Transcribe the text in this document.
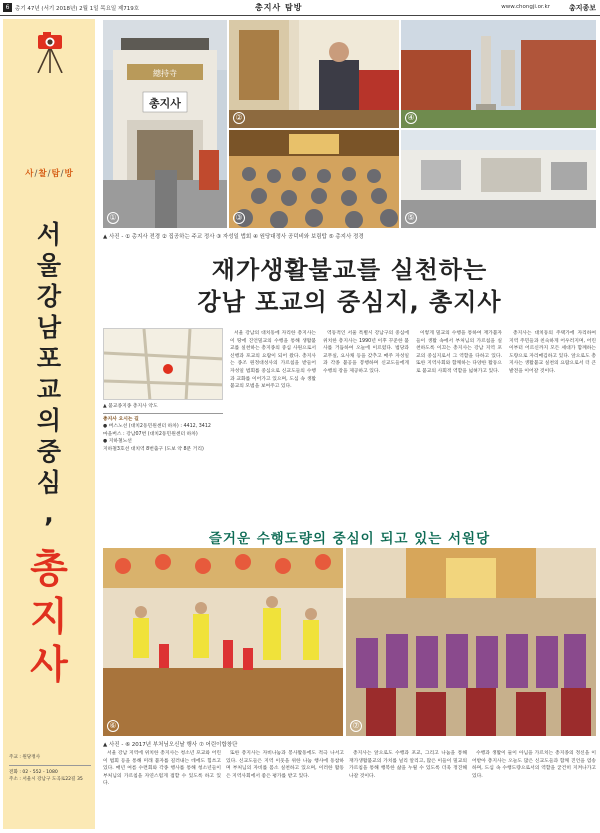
6	총기 47년 (서기 2018년) 2월 1일 목요일 제719호	총지사 탐방	www.chongji.or.kr	총지종보
사/찰/탐/방
서
울
강
남
포
교
의
중
심
,
총
지
사
주교 : 원당정사
전화 : 02 - 552 - 1080
주소 : 서울시 강남구 도곡로22길 35
總持寺
총지사
①
②
③
④
⑤
▲ 사진 - ① 총지사 전경 ② 집공하는 주교 정사 ③ 자성일 법회 ④ 원당대정사 공덕비와 보림탑 ⑤ 총지사 정경
재가생활불교를 실천하는
강남 포교의 중심지, 총지사
▲ 불교종지종 총지사 약도
총지사 오시는 길
● 버스노선 (대치2동민원센터 하차) : 4412, 3412
마을버스 : 강남07번 (대치2동민원센터 하차)
● 지하철노선
지하철3호선 대치역 8번출구 (도보 약 8분 거리)

서울 강남의 대치동에 자리한 총지사는 이 땅에 진언밀교의 수행을 통해 생활불교를 실천하는 총지종의 중심 사원으로서 신행과 포교의 요람이 되어 왔다. 총지사는 종조 원정대성사의 가르침을 받들어 자성일 법회를 중심으로 신교도들의 수행과 교화를 이어가고 있으며, 도심 속 생활불교의 모범을 보여주고 있다.

역동적인 서울 특별시 강남구의 중심에 위치한 총지사는 1990년 이후 꾸준한 불사를 거듭하여 오늘에 이르렀다. 법당과 교무실, 요사채 등을 갖추고 매주 자성일과 각종 불공을 봉행하며 신교도들에게 수행의 장을 제공하고 있다.

이렇게 밀교의 수행을 통하여 재가불자들이 생활 속에서 부처님의 가르침을 실천하도록 이끄는 총지사는 강남 지역 포교의 중심지로서 그 역할을 다하고 있다. 또한 지역사회와 함께하는 다양한 활동으로 불교의 사회적 역할을 넓혀가고 있다.

총지사는 대치동의 주택가에 자리하여 지역 주민들과 친숙하게 어우러지며, 어린이부터 어르신까지 모든 세대가 함께하는 도량으로 자리매김하고 있다. 앞으로도 총지사는 생활불교 실천의 요람으로서 더 큰 발전을 이어갈 것이다.

즐거운 수행도량의 중심이 되고 있는 서원당
⑥	⑦
▲ 사진 - ⑥ 2017년 부처님오신날 행사 ⑦ 어린이합창단

서울 강남 지역에 위치한 총지사는 청소년 포교와 어린이 법회 등을 통해 미래 불자를 길러내는 데에도 힘쓰고 있다. 매년 여름 수련회와 각종 행사를 통해 청소년들이 부처님의 가르침을 자연스럽게 접할 수 있도록 하고 있다.

또한 총지사는 자비나눔과 봉사활동에도 적극 나서고 있다. 신교도들은 지역 이웃을 위한 나눔 행사에 동참하며 부처님의 자비를 몸소 실천하고 있으며, 이러한 활동은 지역사회에서 좋은 평가를 받고 있다.

총지사는 앞으로도 수행과 포교, 그리고 나눔을 통해 재가생활불교의 가치를 널리 알리고, 많은 이들이 밀교의 가르침을 통해 행복한 삶을 누릴 수 있도록 더욱 정진해 나갈 것이다.

수행과 생활이 둘이 아님을 가르치는 총지종의 정신을 이어받아 총지사는 오늘도 많은 신교도들과 함께 진언을 염송하며, 도심 속 수행도량으로서의 역할을 굳건히 지켜나가고 있다.
